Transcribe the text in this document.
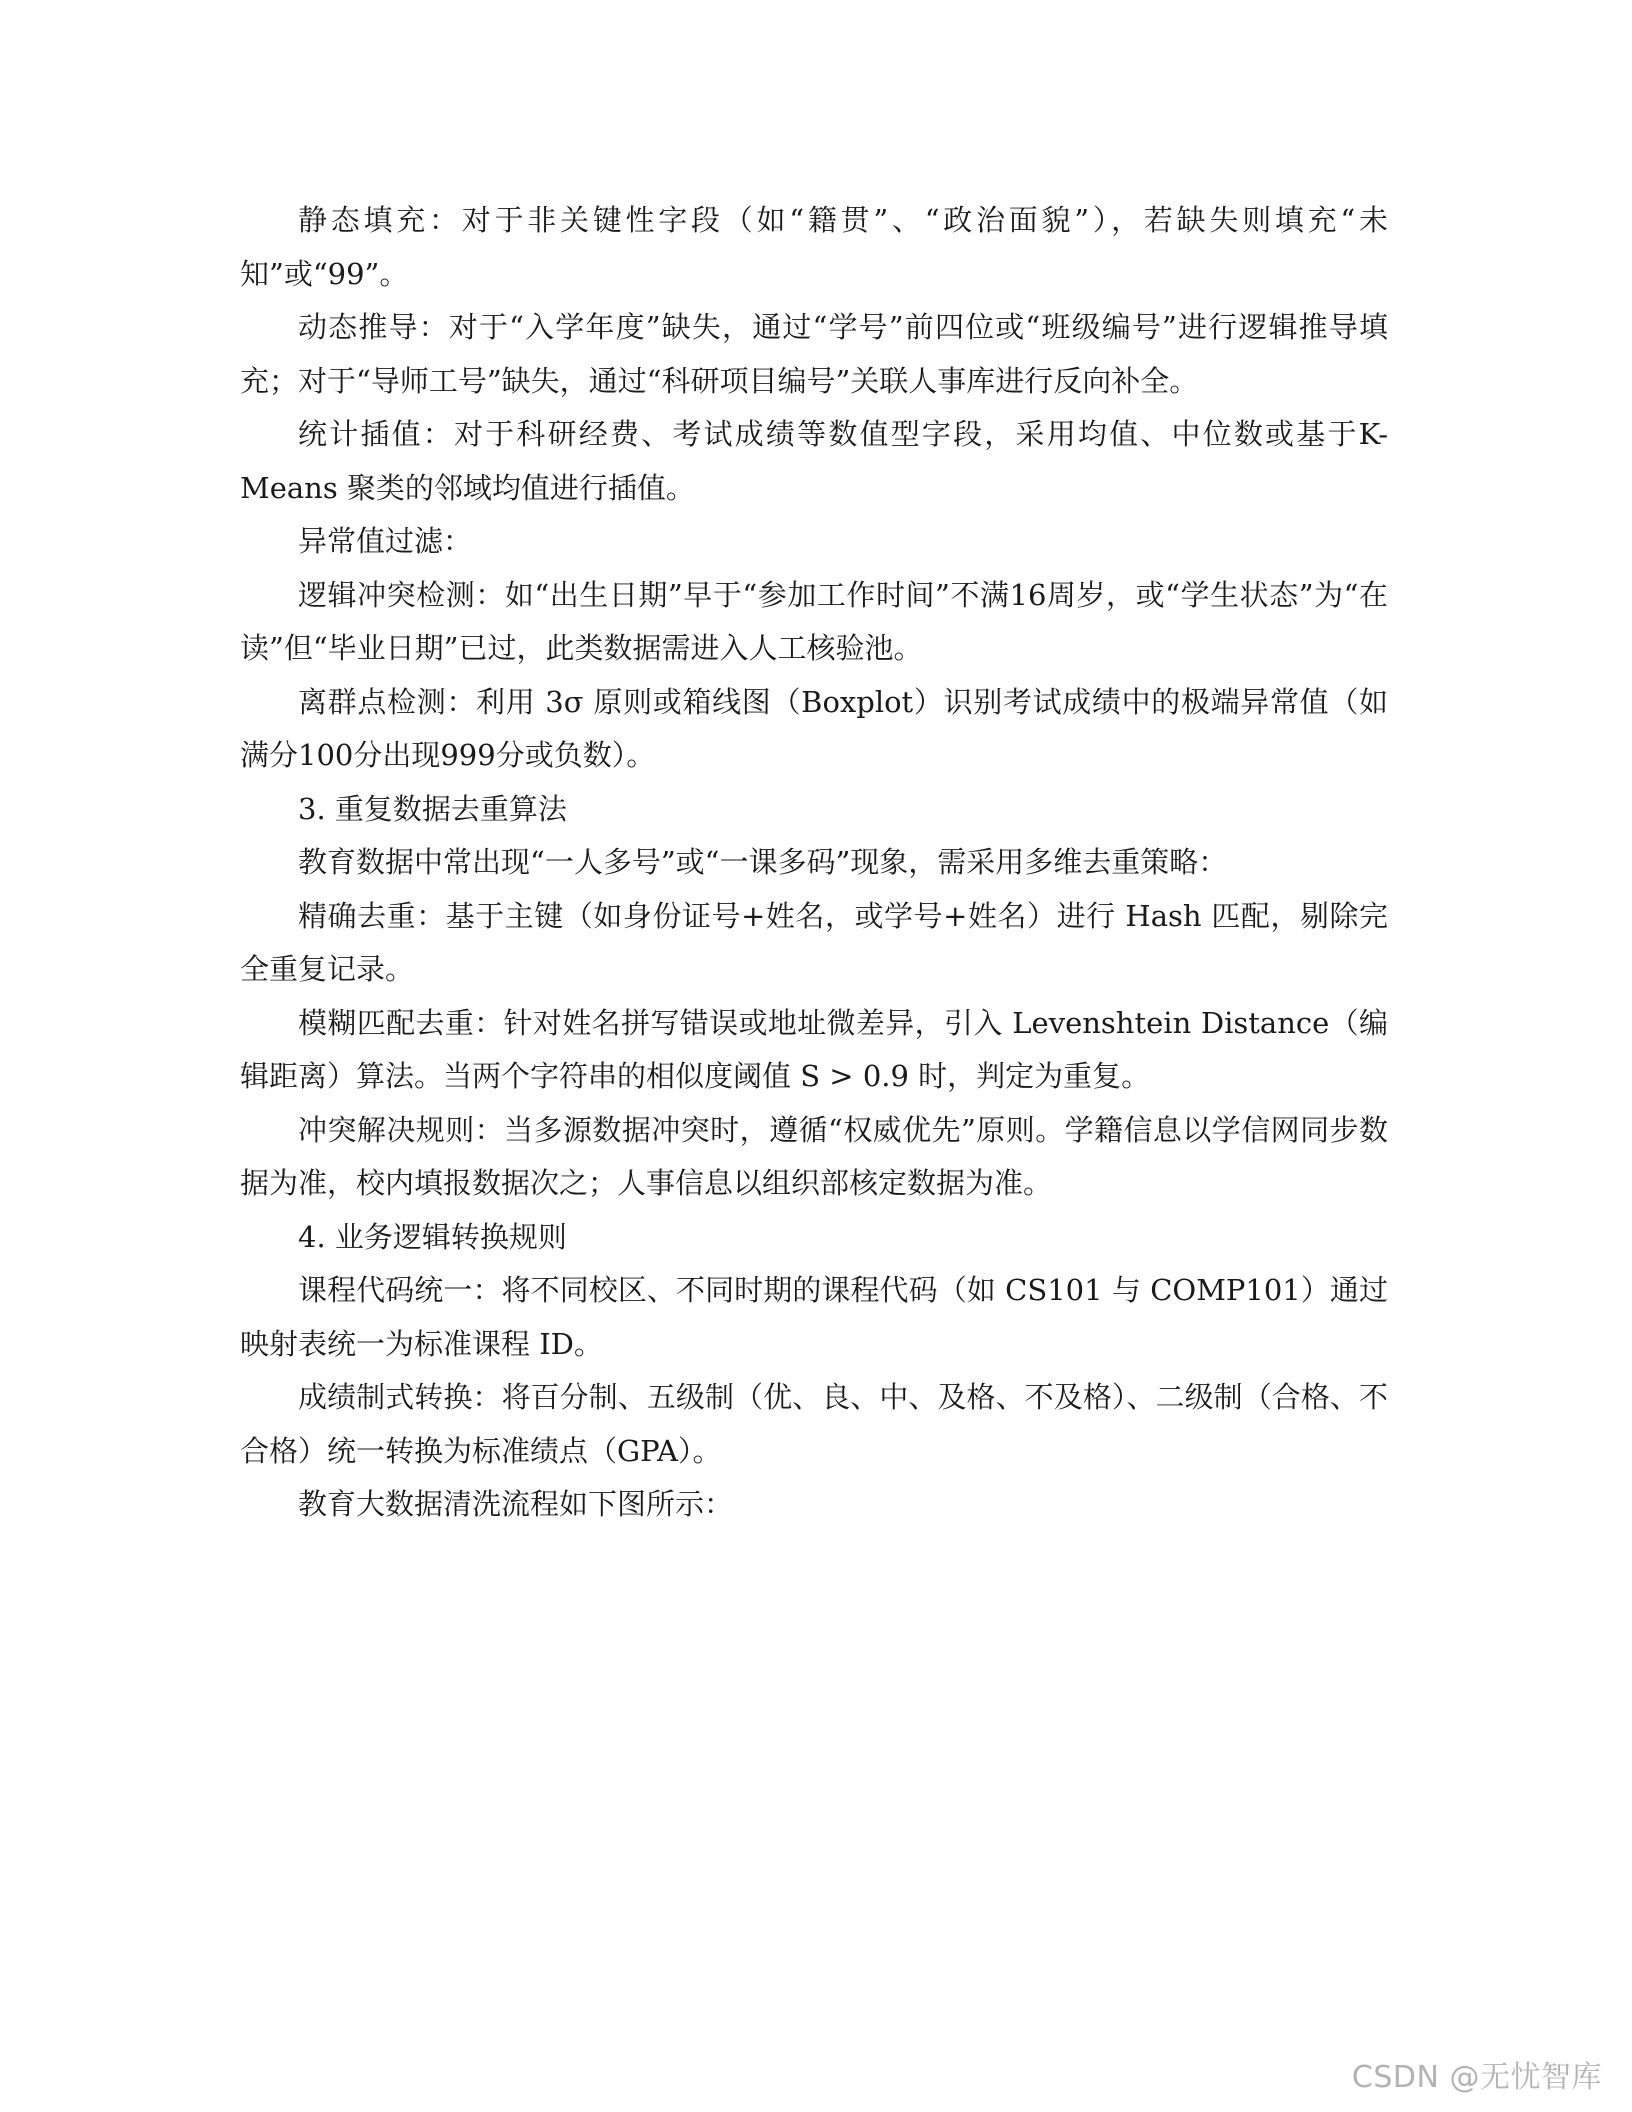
静态填充：对于非关键性字段（如“籍贯”、“政治面貌”），若缺失则填充“未知”或“99”。

动态推导：对于“入学年度”缺失，通过“学号”前四位或“班级编号”进行逻辑推导填充；对于“导师工号”缺失，通过“科研项目编号”关联人事库进行反向补全。

统计插值：对于科研经费、考试成绩等数值型字段，采用均值、中位数或基于K-Means 聚类的邻域均值进行插值。

异常值过滤：

逻辑冲突检测：如“出生日期”早于“参加工作时间”不满16周岁，或“学生状态”为“在读”但“毕业日期”已过，此类数据需进入人工核验池。

离群点检测：利用 3σ 原则或箱线图（Boxplot）识别考试成绩中的极端异常值（如满分100分出现999分或负数）。

3. 重复数据去重算法

教育数据中常出现“一人多号”或“一课多码”现象，需采用多维去重策略：

精确去重：基于主键（如身份证号+姓名，或学号+姓名）进行 Hash 匹配，剔除完全重复记录。

模糊匹配去重：针对姓名拼写错误或地址微差异，引入 Levenshtein Distance（编辑距离）算法。当两个字符串的相似度阈值 S > 0.9 时，判定为重复。

冲突解决规则：当多源数据冲突时，遵循“权威优先”原则。学籍信息以学信网同步数据为准，校内填报数据次之；人事信息以组织部核定数据为准。

4. 业务逻辑转换规则

课程代码统一：将不同校区、不同时期的课程代码（如 CS101 与 COMP101）通过映射表统一为标准课程 ID。

成绩制式转换：将百分制、五级制（优、良、中、及格、不及格）、二级制（合格、不合格）统一转换为标准绩点（GPA）。

教育大数据清洗流程如下图所示：

CSDN @无忧智库
